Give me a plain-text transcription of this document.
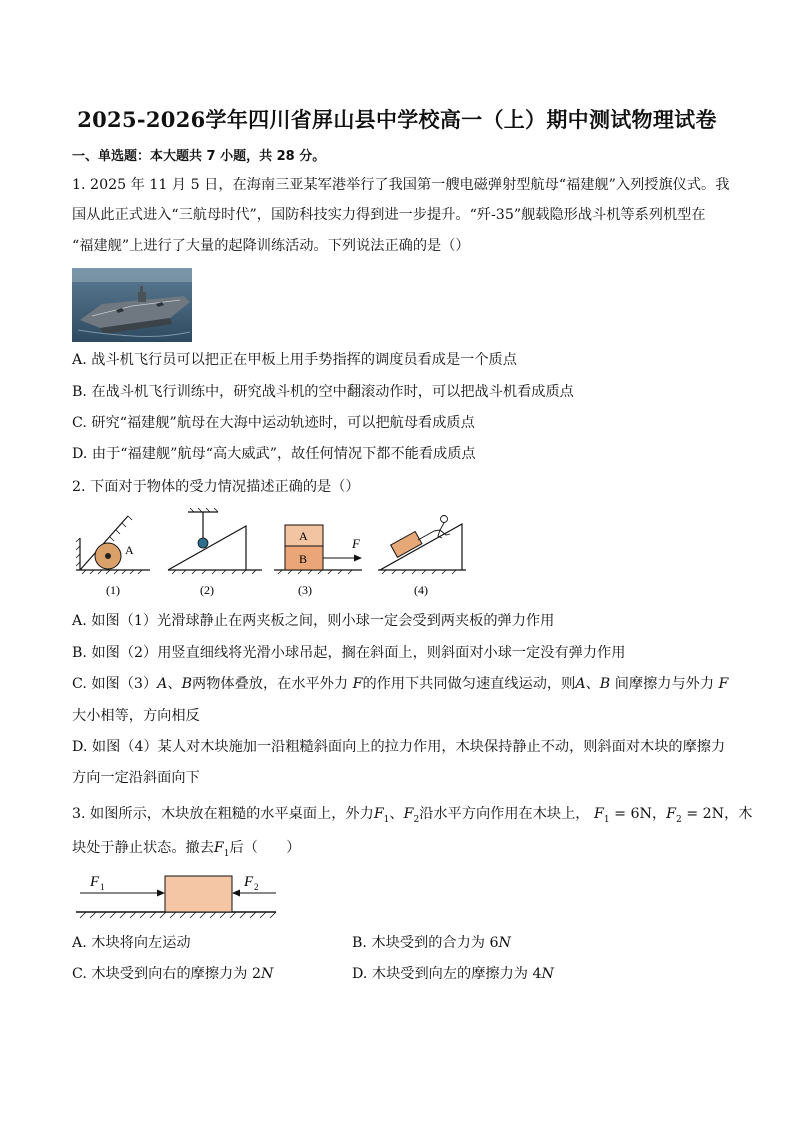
2025-2026学年四川省屏山县中学校高一（上）期中测试物理试卷
一、单选题：本大题共 7 小题，共 28 分。
1. 2025 年 11 月 5 日，在海南三亚某军港举行了我国第一艘电磁弹射型航母“福建舰”入列授旗仪式。我
国从此正式进入“三航母时代”，国防科技实力得到进一步提升。“歼-35”舰载隐形战斗机等系列机型在
“福建舰”上进行了大量的起降训练活动。下列说法正确的是（）
A. 战斗机飞行员可以把正在甲板上用手势指挥的调度员看成是一个质点
B. 在战斗机飞行训练中，研究战斗机的空中翻滚动作时，可以把战斗机看成质点
C. 研究“福建舰”航母在大海中运动轨迹时，可以把航母看成质点
D. 由于“福建舰”航母“高大威武”，故任何情况下都不能看成质点
2. 下面对于物体的受力情况描述正确的是（）
A
(1)	(2)
A
B
F
(3)	(4)
A. 如图（1）光滑球静止在两夹板之间，则小球一定会受到两夹板的弹力作用
B. 如图（2）用竖直细线将光滑小球吊起，搁在斜面上，则斜面对小球一定没有弹力作用
C. 如图（3）A、B两物体叠放，在水平外力 F的作用下共同做匀速直线运动，则A、B 间摩擦力与外力 F
大小相等，方向相反
D. 如图（4）某人对木块施加一沿粗糙斜面向上的拉力作用，木块保持静止不动，则斜面对木块的摩擦力
方向一定沿斜面向下
3. 如图所示，木块放在粗糙的水平桌面上，外力$F_1$、$F_2$沿水平方向作用在木块上， $F_1 = 6N$，$F_2 = 2N$，木
块处于静止状态。撤去$F_1$后（　　）
F 1	F 2
A. 木块将向左运动	B. 木块受到的合力为 6N
C. 木块受到向右的摩擦力为 2N	D. 木块受到向左的摩擦力为 4N
